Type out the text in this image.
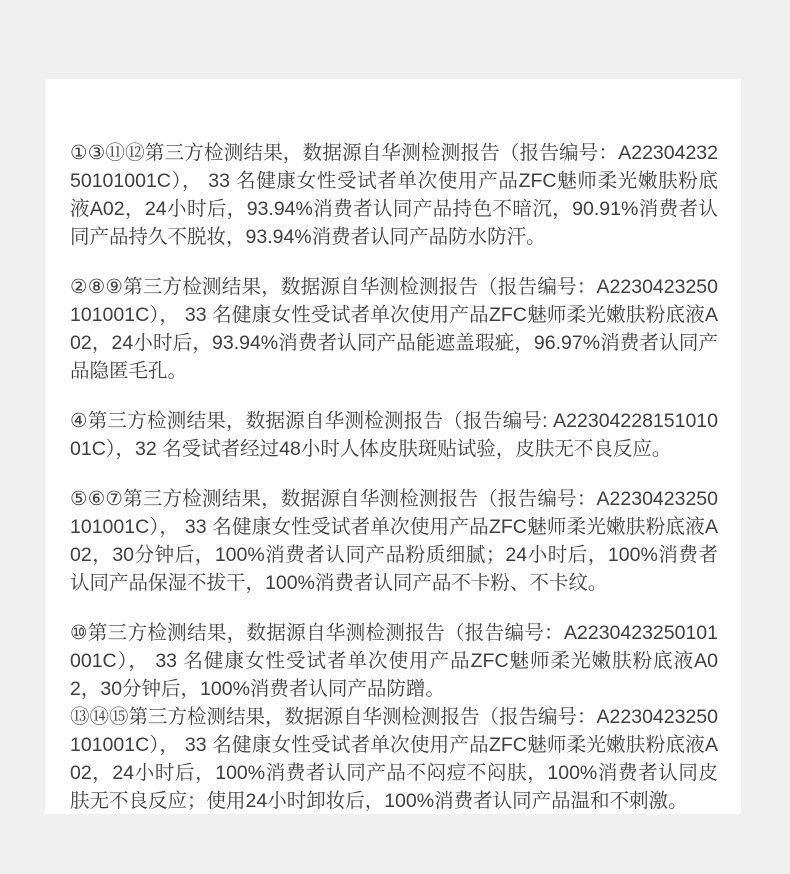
①③⑪⑫第三方检测结果，数据源自华测检测报告（报告编号：A2230423250101001C）， 33 名健康女性受试者单次使用产品ZFC魅师柔光嫩肤粉底液A02，24小时后，93.94%消费者认同产品持色不暗沉，90.91%消费者认同产品持久不脱妆，93.94%消费者认同产品防水防汗。

②⑧⑨第三方检测结果，数据源自华测检测报告（报告编号：A2230423250101001C）， 33 名健康女性受试者单次使用产品ZFC魅师柔光嫩肤粉底液A02，24小时后，93.94%消费者认同产品能遮盖瑕疵，96.97%消费者认同产品隐匿毛孔。

④第三方检测结果，数据源自华测检测报告（报告编号: A2230422815101001C），32 名受试者经过48小时人体皮肤斑贴试验，皮肤无不良反应。

⑤⑥⑦第三方检测结果，数据源自华测检测报告（报告编号：A2230423250101001C）， 33 名健康女性受试者单次使用产品ZFC魅师柔光嫩肤粉底液A02，30分钟后，100%消费者认同产品粉质细腻；24小时后，100%消费者认同产品保湿不拔干，100%消费者认同产品不卡粉、不卡纹。

⑩第三方检测结果，数据源自华测检测报告（报告编号：A2230423250101001C）， 33 名健康女性受试者单次使用产品ZFC魅师柔光嫩肤粉底液A02，30分钟后，100%消费者认同产品防蹭。

⑬⑭⑮第三方检测结果，数据源自华测检测报告（报告编号：A2230423250101001C）， 33 名健康女性受试者单次使用产品ZFC魅师柔光嫩肤粉底液A02，24小时后，100%消费者认同产品不闷痘不闷肤，100%消费者认同皮肤无不良反应；使用24小时卸妆后，100%消费者认同产品温和不刺激。
